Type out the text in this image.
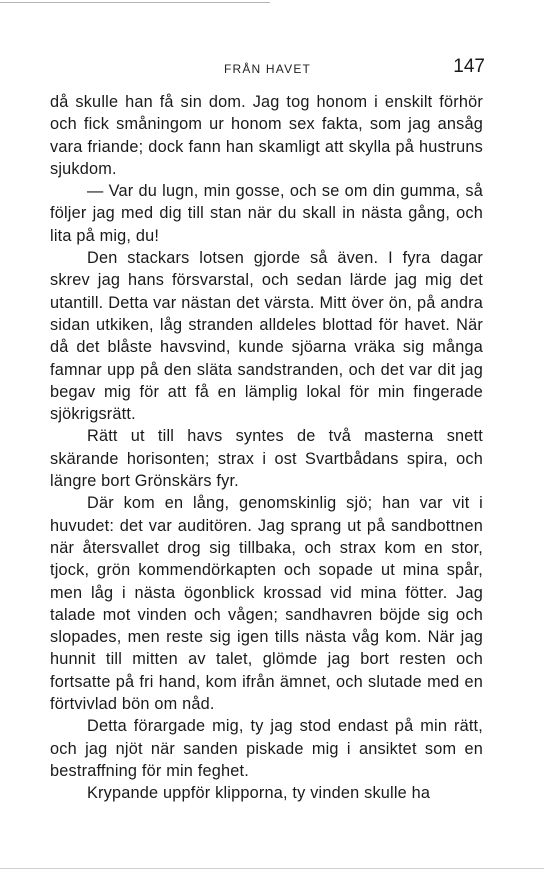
FRÅN HAVET	147

då skulle han få sin dom. Jag tog honom i enskilt förhör och fick småningom ur honom sex fakta, som jag ansåg vara friande; dock fann han skamligt att skylla på hustruns sjukdom.

— Var du lugn, min gosse, och se om din gumma, så följer jag med dig till stan när du skall in nästa gång, och lita på mig, du!

Den stackars lotsen gjorde så även. I fyra dagar skrev jag hans försvarstal, och sedan lärde jag mig det utantill. Detta var nästan det värsta. Mitt över ön, på andra sidan utkiken, låg stranden alldeles blottad för havet. När då det blåste havsvind, kunde sjöarna vräka sig många famnar upp på den släta sandstranden, och det var dit jag begav mig för att få en lämplig lokal för min fingerade sjökrigsrätt.

Rätt ut till havs syntes de två masterna snett skärande horisonten; strax i ost Svartbådans spira, och längre bort Grönskärs fyr.

Där kom en lång, genomskinlig sjö; han var vit i huvudet: det var auditören. Jag sprang ut på sandbottnen när återsvallet drog sig tillbaka, och strax kom en stor, tjock, grön kommendörkapten och sopade ut mina spår, men låg i nästa ögonblick krossad vid mina fötter. Jag talade mot vinden och vågen; sandhavren böjde sig och slopades, men reste sig igen tills nästa våg kom. När jag hunnit till mitten av talet, glömde jag bort resten och fortsatte på fri hand, kom ifrån ämnet, och slutade med en förtvivlad bön om nåd.

Detta förargade mig, ty jag stod endast på min rätt, och jag njöt när sanden piskade mig i ansiktet som en bestraffning för min feghet.

Krypande uppför klipporna, ty vinden skulle ha
